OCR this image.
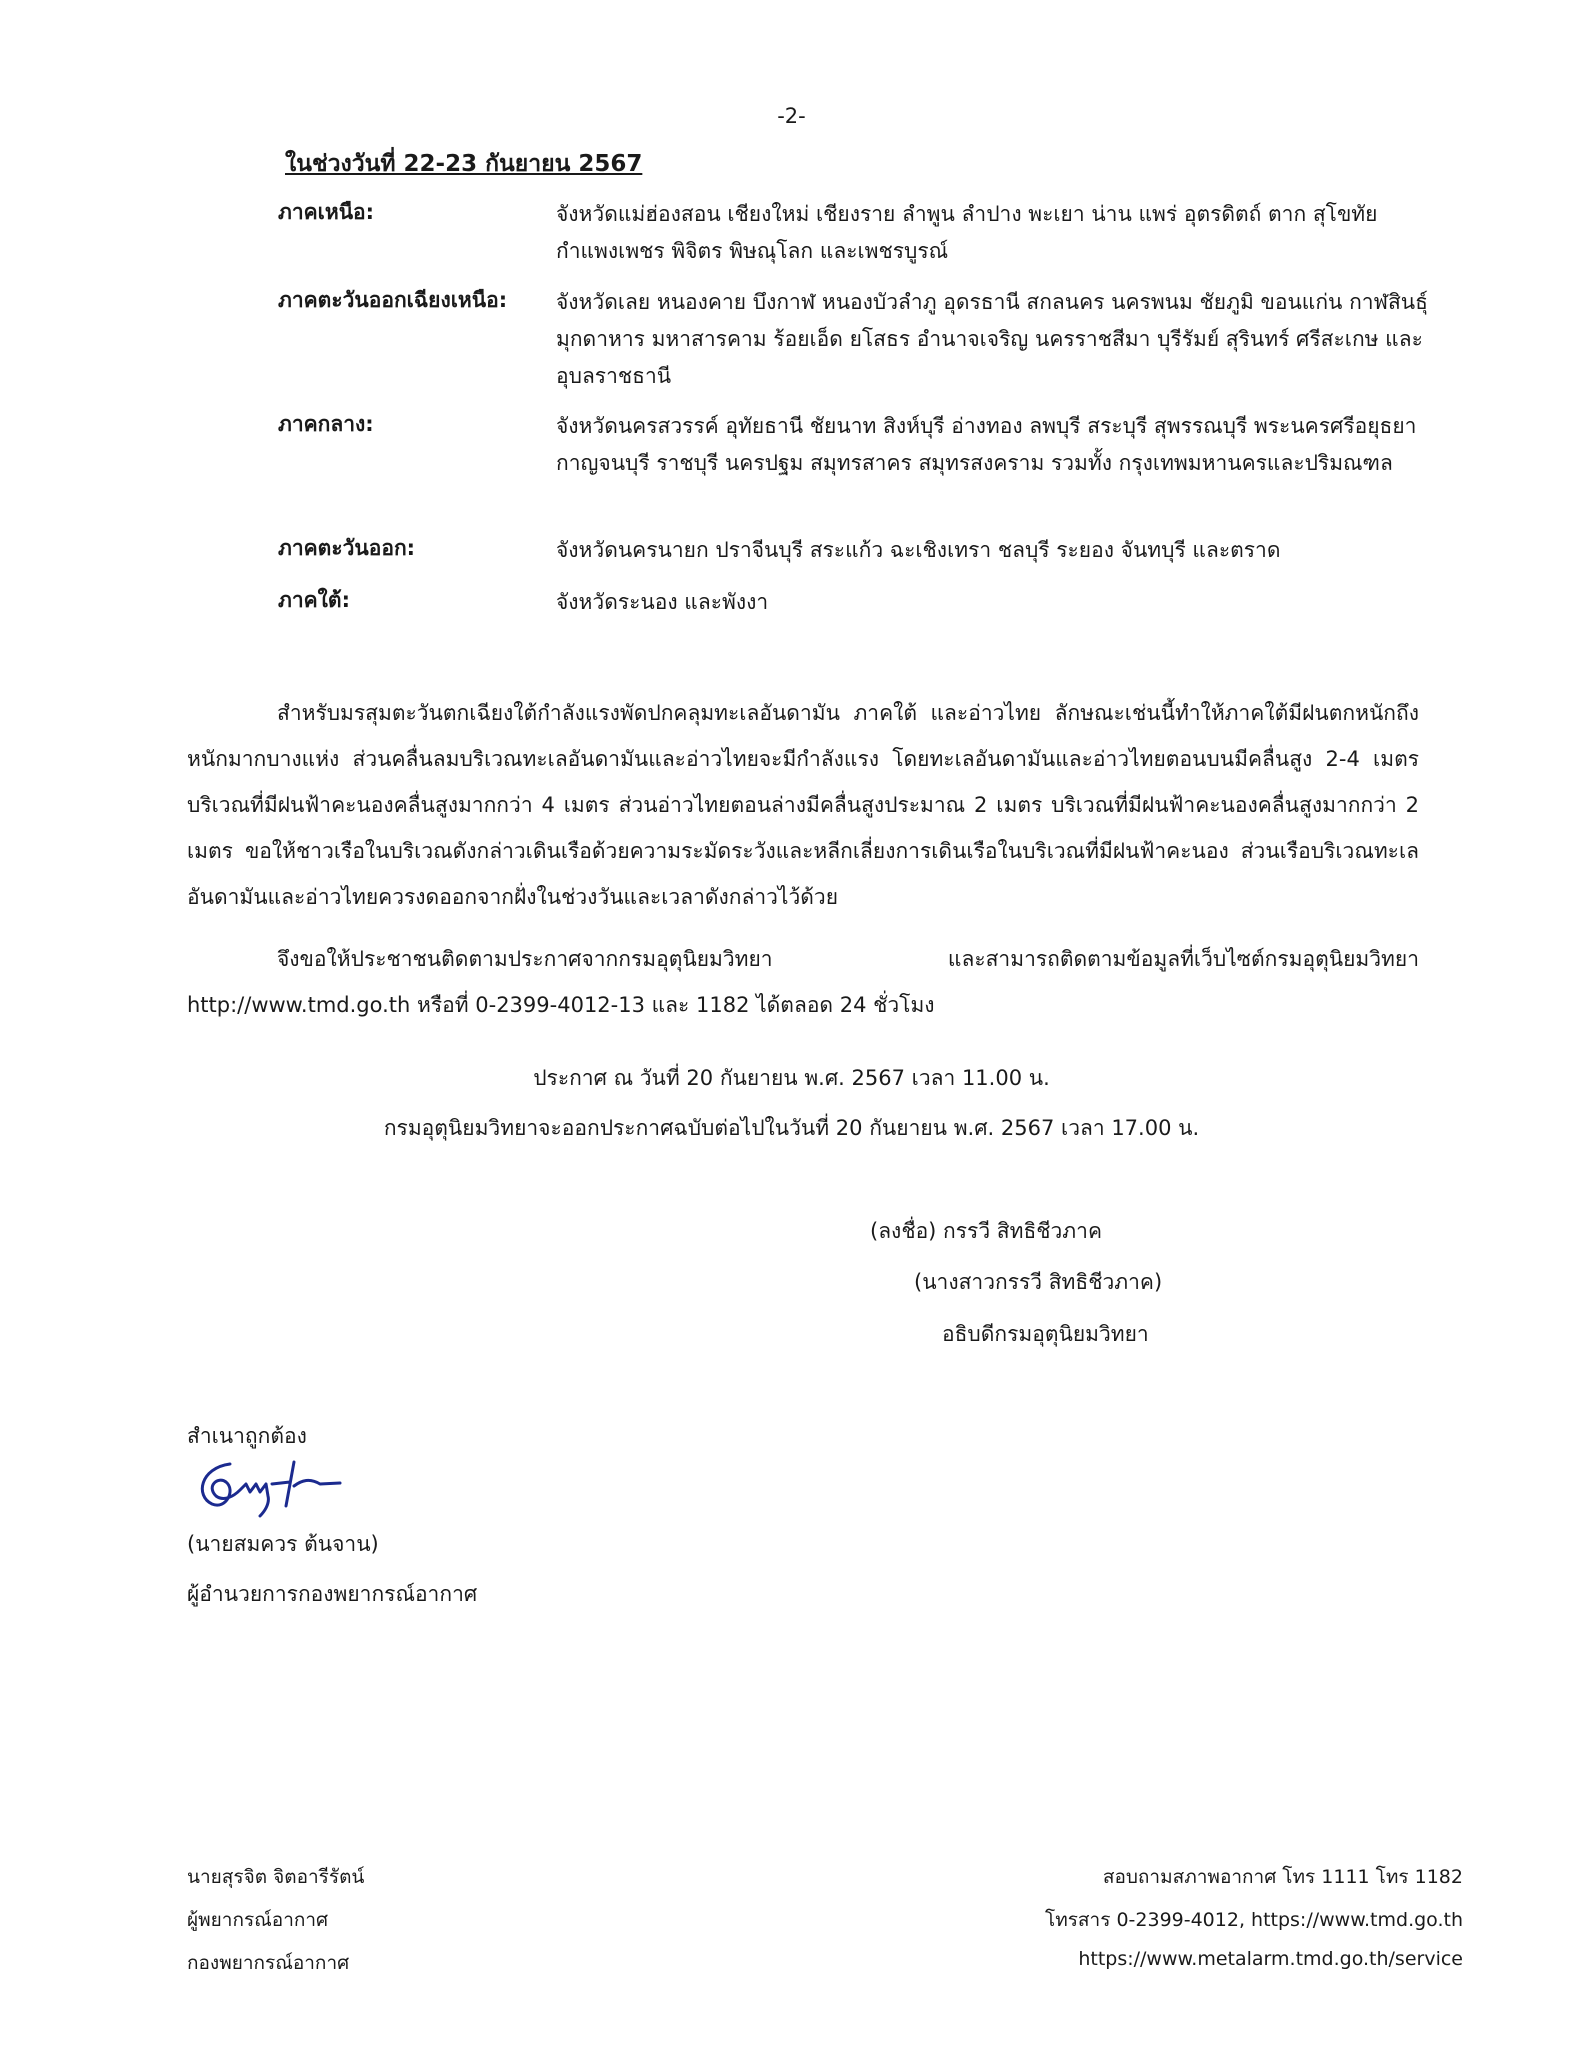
-2-
ในช่วงวันที่ 22-23 กันยายน 2567
ภาคเหนือ:	จังหวัดแม่ฮ่องสอน เชียงใหม่ เชียงราย ลำพูน ลำปาง พะเยา น่าน แพร่ อุตรดิตถ์ ตาก สุโขทัย กำแพงเพชร พิจิตร พิษณุโลก และเพชรบูรณ์
ภาคตะวันออกเฉียงเหนือ: จังหวัดเลย หนองคาย บึงกาฬ หนองบัวลำภู อุดรธานี สกลนคร นครพนม ชัยภูมิ ขอนแก่น กาฬสินธุ์ มุกดาหาร มหาสารคาม ร้อยเอ็ด ยโสธร อำนาจเจริญ นครราชสีมา บุรีรัมย์ สุรินทร์ ศรีสะเกษ และอุบลราชธานี
ภาคกลาง:	จังหวัดนครสวรรค์ อุทัยธานี ชัยนาท สิงห์บุรี อ่างทอง ลพบุรี สระบุรี สุพรรณบุรี พระนครศรีอยุธยา กาญจนบุรี ราชบุรี นครปฐม สมุทรสาคร สมุทรสงคราม รวมทั้ง กรุงเทพมหานครและปริมณฑล
ภาคตะวันออก:	จังหวัดนครนายก ปราจีนบุรี สระแก้ว ฉะเชิงเทรา ชลบุรี ระยอง จันทบุรี และตราด
ภาคใต้:	จังหวัดระนอง และพังงา
สำหรับมรสุมตะวันตกเฉียงใต้กำลังแรงพัดปกคลุมทะเลอันดามัน ภาคใต้ และอ่าวไทย ลักษณะเช่นนี้ทำให้ภาคใต้มีฝนตกหนักถึงหนักมากบางแห่ง ส่วนคลื่นลมบริเวณทะเลอันดามันและอ่าวไทยจะมีกำลังแรง โดยทะเลอันดามันและอ่าวไทยตอนบนมีคลื่นสูง 2-4 เมตร บริเวณที่มีฝนฟ้าคะนองคลื่นสูงมากกว่า 4 เมตร ส่วนอ่าวไทยตอนล่างมีคลื่นสูงประมาณ 2 เมตร บริเวณที่มีฝนฟ้าคะนองคลื่นสูงมากกว่า 2 เมตร ขอให้ชาวเรือในบริเวณดังกล่าวเดินเรือด้วยความระมัดระวังและหลีกเลี่ยงการเดินเรือในบริเวณที่มีฝนฟ้าคะนอง ส่วนเรือบริเวณทะเลอันดามันและอ่าวไทยควรงดออกจากฝั่งในช่วงวันและเวลาดังกล่าวไว้ด้วย
จึงขอให้ประชาชนติดตามประกาศจากกรมอุตุนิยมวิทยา และสามารถติดตามข้อมูลที่เว็บไซต์กรมอุตุนิยมวิทยา http://www.tmd.go.th หรือที่ 0-2399-4012-13 และ 1182 ได้ตลอด 24 ชั่วโมง
ประกาศ ณ วันที่ 20 กันยายน พ.ศ. 2567 เวลา 11.00 น.
กรมอุตุนิยมวิทยาจะออกประกาศฉบับต่อไปในวันที่ 20 กันยายน พ.ศ. 2567 เวลา 17.00 น.
(ลงชื่อ) กรรวี สิทธิชีวภาค
(นางสาวกรรวี สิทธิชีวภาค)
อธิบดีกรมอุตุนิยมวิทยา
สำเนาถูกต้อง
(นายสมควร ต้นจาน)
ผู้อำนวยการกองพยากรณ์อากาศ
นายสุรจิต จิตอารีรัตน์
ผู้พยากรณ์อากาศ
กองพยากรณ์อากาศ
สอบถามสภาพอากาศ โทร 1111 โทร 1182
โทรสาร 0-2399-4012, https://www.tmd.go.th
https://www.metalarm.tmd.go.th/service
